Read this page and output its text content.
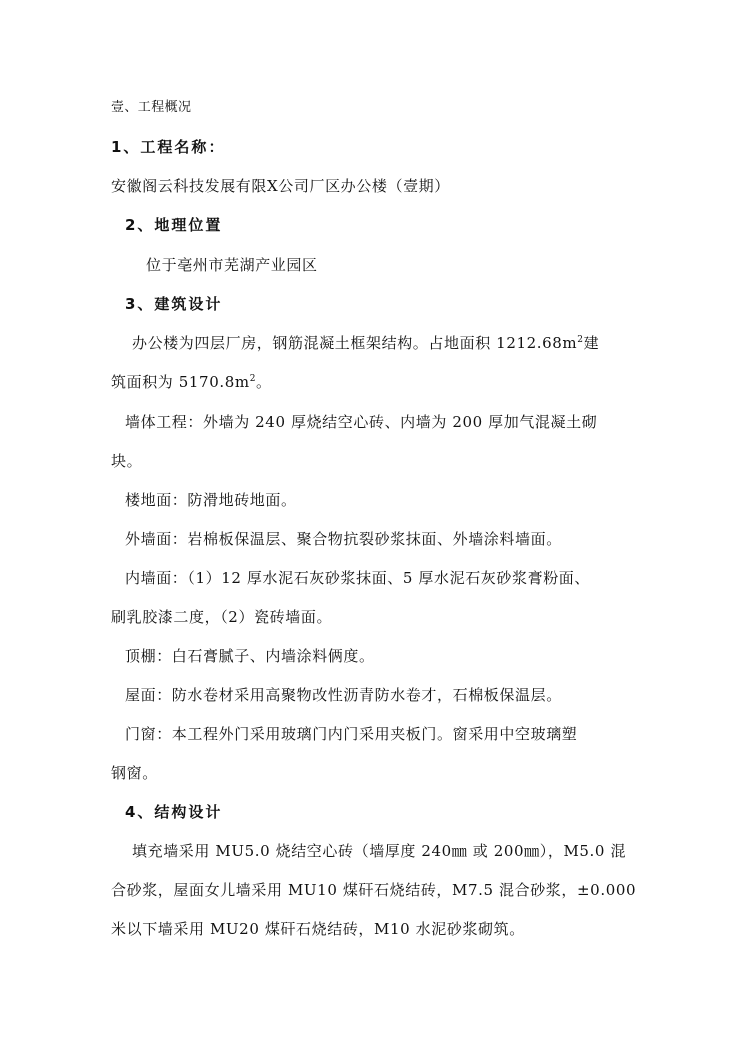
壹、工程概况
1、工程名称：
安徽阁云科技发展有限X公司厂区办公楼（壹期）
2、地理位置
位于亳州市芜湖产业园区
3、建筑设计
办公楼为四层厂房，钢筋混凝土框架结构。占地面积 $1212.68m^2$建
筑面积为 $5170.8m^2$。
墙体工程：外墙为 240 厚烧结空心砖、内墙为 200 厚加气混凝土砌
块。
楼地面：防滑地砖地面。
外墙面：岩棉板保温层、聚合物抗裂砂浆抹面、外墙涂料墙面。
内墙面：（1）12 厚水泥石灰砂浆抹面、5 厚水泥石灰砂浆膏粉面、
刷乳胶漆二度，（2）瓷砖墙面。
顶棚：白石膏腻子、内墙涂料俩度。
屋面：防水卷材采用高聚物改性沥青防水卷才，石棉板保温层。
门窗：本工程外门采用玻璃门内门采用夹板门。窗采用中空玻璃塑
钢窗。
4、结构设计
填充墙采用 MU5.0 烧结空心砖（墙厚度 240㎜ 或 200㎜），M5.0 混
合砂浆，屋面女儿墙采用 MU10 煤矸石烧结砖，M7.5 混合砂浆，±0.000
米以下墙采用 MU20 煤矸石烧结砖，M10 水泥砂浆砌筑。
